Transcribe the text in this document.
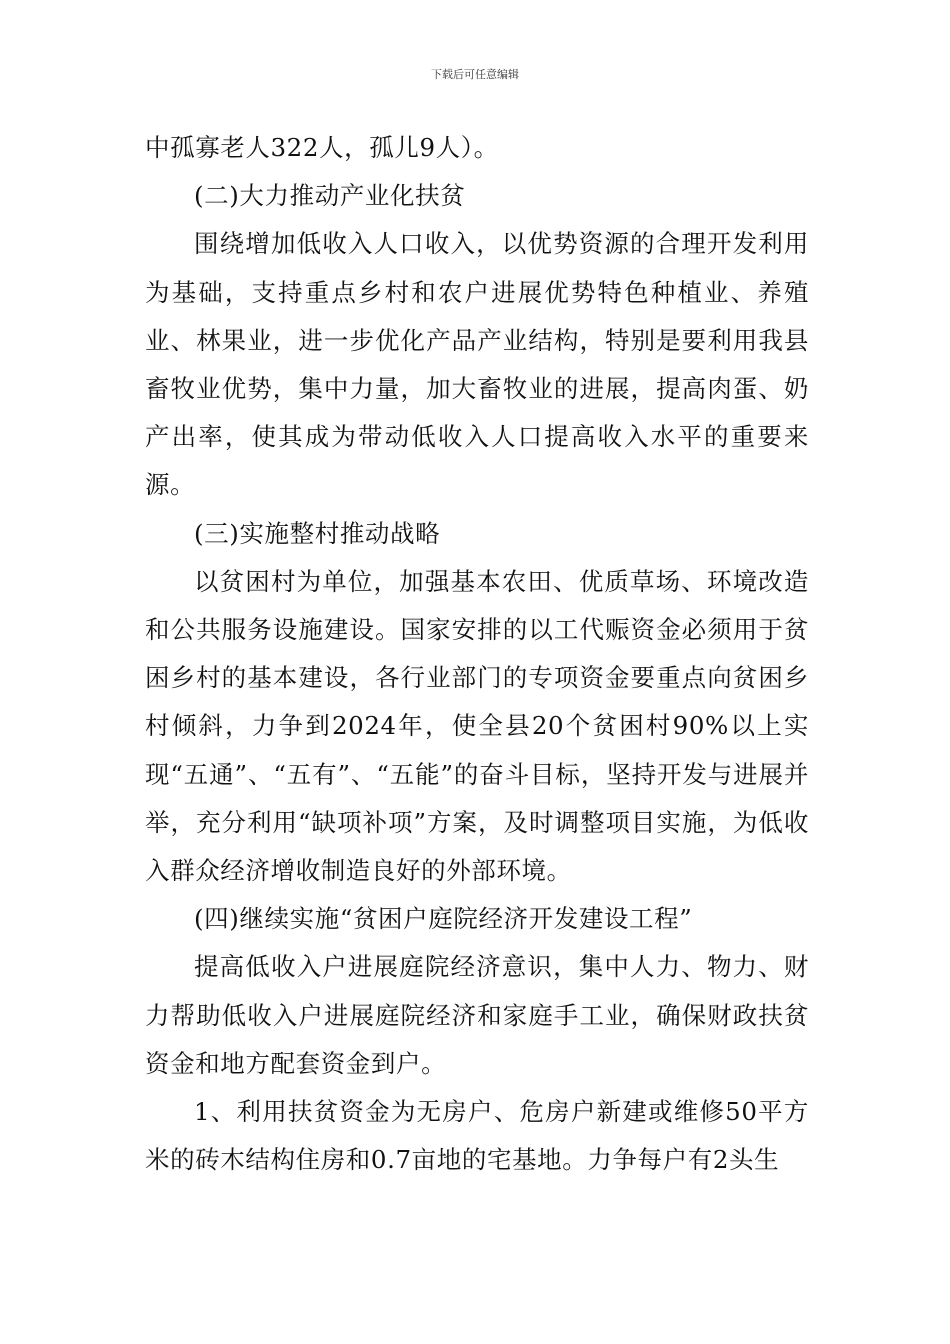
下载后可任意编辑

中孤寡老人322人，孤儿9人）。

(二)大力推动产业化扶贫

围绕增加低收入人口收入，以优势资源的合理开发利用为基础，支持重点乡村和农户进展优势特色种植业、养殖业、林果业，进一步优化产品产业结构，特别是要利用我县畜牧业优势，集中力量，加大畜牧业的进展，提高肉蛋、奶产出率，使其成为带动低收入人口提高收入水平的重要来源。

(三)实施整村推动战略

以贫困村为单位，加强基本农田、优质草场、环境改造和公共服务设施建设。国家安排的以工代赈资金必须用于贫困乡村的基本建设，各行业部门的专项资金要重点向贫困乡村倾斜，力争到2024年，使全县20个贫困村90%以上实现“五通”、“五有”、“五能”的奋斗目标，坚持开发与进展并举，充分利用“缺项补项”方案，及时调整项目实施，为低收入群众经济增收制造良好的外部环境。

(四)继续实施“贫困户庭院经济开发建设工程”

提高低收入户进展庭院经济意识，集中人力、物力、财力帮助低收入户进展庭院经济和家庭手工业，确保财政扶贫资金和地方配套资金到户。

1、利用扶贫资金为无房户、危房户新建或维修50平方米的砖木结构住房和0.7亩地的宅基地。力争每户有2头生
